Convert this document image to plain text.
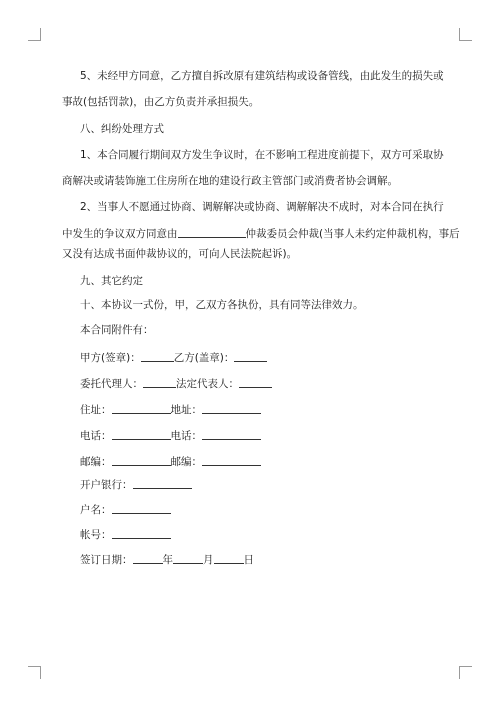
5、未经甲方同意，乙方擅自拆改原有建筑结构或设备管线，由此发生的损失或
事故(包括罚款)，由乙方负责并承担损失。
八、纠纷处理方式
1、本合同履行期间双方发生争议时，在不影响工程进度前提下，双方可采取协
商解决或请装饰施工住房所在地的建设行政主管部门或消费者协会调解。
2、当事人不愿通过协商、调解解决或协商、调解解决不成时，对本合同在执行
中发生的争议双方同意由	仲裁委员会仲裁(当事人未约定仲裁机构，事后
又没有达成书面仲裁协议的，可向人民法院起诉)。
九、其它约定
十、本协议一式份，甲，乙双方各执份，具有同等法律效力。
本合同附件有：
甲方(签章)：	乙方(盖章)：
委托代理人：	法定代表人：
住址：	地址：
电话：	电话：
邮编：	邮编：
开户银行：
户名：
帐号：
签订日期：	年	月	日
